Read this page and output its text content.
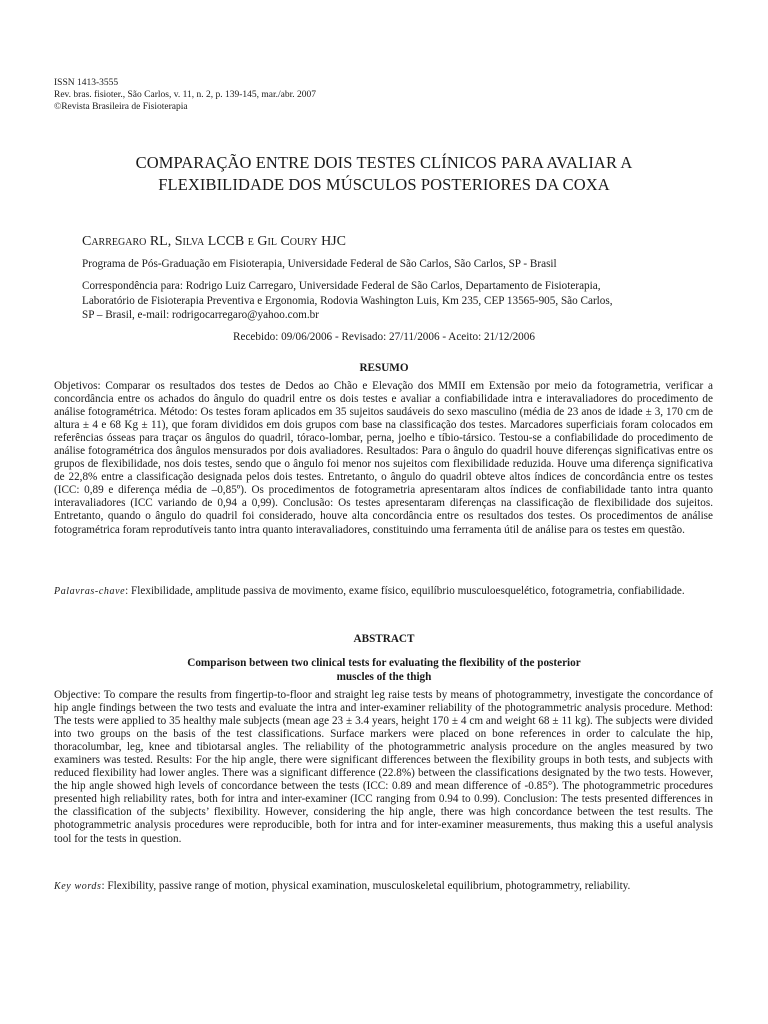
ISSN 1413-3555
Rev. bras. fisioter., São Carlos, v. 11, n. 2, p. 139-145, mar./abr. 2007
©Revista Brasileira de Fisioterapia
COMPARAÇÃO ENTRE DOIS TESTES CLÍNICOS PARA AVALIAR A
FLEXIBILIDADE DOS MÚSCULOS POSTERIORES DA COXA
Carregaro RL, Silva LCCB e Gil Coury HJC
Programa de Pós-Graduação em Fisioterapia, Universidade Federal de São Carlos, São Carlos, SP - Brasil
Correspondência para: Rodrigo Luiz Carregaro, Universidade Federal de São Carlos, Departamento de Fisioterapia,
Laboratório de Fisioterapia Preventiva e Ergonomia, Rodovia Washington Luis, Km 235, CEP 13565-905, São Carlos,
SP – Brasil, e-mail: rodrigocarregaro@yahoo.com.br
Recebido: 09/06/2006 - Revisado: 27/11/2006 - Aceito: 21/12/2006
RESUMO
Objetivos: Comparar os resultados dos testes de Dedos ao Chão e Elevação dos MMII em Extensão por meio da fotogrametria, verificar a concordância entre os achados do ângulo do quadril entre os dois testes e avaliar a confiabilidade intra e interavaliadores do procedimento de análise fotogramétrica. Método: Os testes foram aplicados em 35 sujeitos saudáveis do sexo masculino (média de 23 anos de idade ± 3, 170 cm de altura ± 4 e 68 Kg ± 11), que foram divididos em dois grupos com base na classificação dos testes. Marcadores superficiais foram colocados em referências ósseas para traçar os ângulos do quadril, tóraco-lombar, perna, joelho e tíbio-társico. Testou-se a confiabilidade do procedimento de análise fotogramétrica dos ângulos mensurados por dois avaliadores. Resultados: Para o ângulo do quadril houve diferenças significativas entre os grupos de flexibilidade, nos dois testes, sendo que o ângulo foi menor nos sujeitos com flexibilidade reduzida. Houve uma diferença significativa de 22,8% entre a classificação designada pelos dois testes. Entretanto, o ângulo do quadril obteve altos índices de concordância entre os testes (ICC: 0,89 e diferença média de –0,85º). Os procedimentos de fotogrametria apresentaram altos índices de confiabilidade tanto intra quanto interavaliadores (ICC variando de 0,94 a 0,99). Conclusão: Os testes apresentaram diferenças na classificação de flexibilidade dos sujeitos. Entretanto, quando o ângulo do quadril foi considerado, houve alta concordância entre os resultados dos testes. Os procedimentos de análise fotogramétrica foram reprodutíveis tanto intra quanto interavaliadores, constituindo uma ferramenta útil de análise para os testes em questão.
Palavras-chave: Flexibilidade, amplitude passiva de movimento, exame físico, equilíbrio musculoesquelético, fotogrametria, confiabilidade.
ABSTRACT
Comparison between two clinical tests for evaluating the flexibility of the posterior
muscles of the thigh
Objective: To compare the results from fingertip-to-floor and straight leg raise tests by means of photogrammetry, investigate the concordance of hip angle findings between the two tests and evaluate the intra and inter-examiner reliability of the photogrammetric analysis procedure. Method: The tests were applied to 35 healthy male subjects (mean age 23 ± 3.4 years, height 170 ± 4 cm and weight 68 ± 11 kg). The subjects were divided into two groups on the basis of the test classifications. Surface markers were placed on bone references in order to calculate the hip, thoracolumbar, leg, knee and tibiotarsal angles. The reliability of the photogrammetric analysis procedure on the angles measured by two examiners was tested. Results: For the hip angle, there were significant differences between the flexibility groups in both tests, and subjects with reduced flexibility had lower angles. There was a significant difference (22.8%) between the classifications designated by the two tests. However, the hip angle showed high levels of concordance between the tests (ICC: 0.89 and mean difference of -0.85°). The photogrammetric procedures presented high reliability rates, both for intra and inter-examiner (ICC ranging from 0.94 to 0.99). Conclusion: The tests presented differences in the classification of the subjects’ flexibility. However, considering the hip angle, there was high concordance between the test results. The photogrammetric analysis procedures were reproducible, both for intra and for inter-examiner measurements, thus making this a useful analysis tool for the tests in question.
Key words: Flexibility, passive range of motion, physical examination, musculoskeletal equilibrium, photogrammetry, reliability.
